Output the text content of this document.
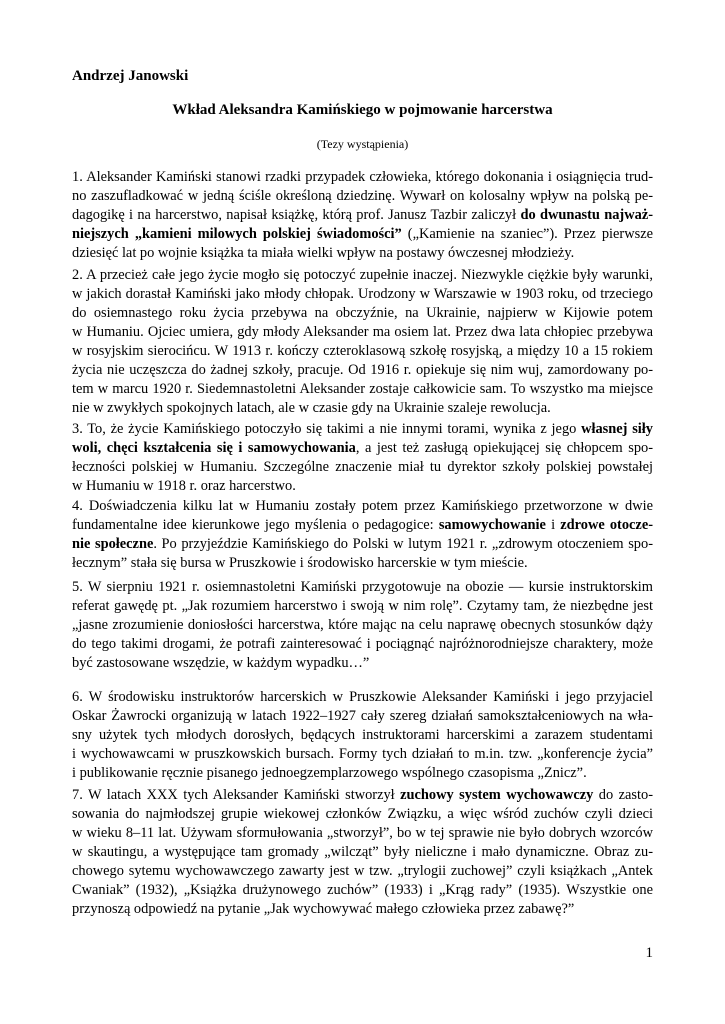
Andrzej Janowski

Wkład Aleksandra Kamińskiego w pojmowanie harcerstwa

(Tezy wystąpienia)

1. Aleksander Kamiński stanowi rzadki przypadek człowieka, którego dokonania i osiągnięcia trud-
no zaszufladkować w jedną ściśle określoną dziedzinę. Wywarł on kolosalny wpływ na polską pe-
dagogikę i na harcerstwo, napisał książkę, którą prof. Janusz Tazbir zaliczył do dwunastu najważ-
niejszych „kamieni milowych polskiej świadomości” („Kamienie na szaniec”). Przez pierwsze
dziesięć lat po wojnie książka ta miała wielki wpływ na postawy ówczesnej młodzieży.
2. A przecież całe jego życie mogło się potoczyć zupełnie inaczej. Niezwykle ciężkie były warunki,
w jakich dorastał Kamiński jako młody chłopak. Urodzony w Warszawie w 1903 roku, od trzeciego
do osiemnastego roku życia przebywa na obczyźnie, na Ukrainie, najpierw w Kijowie potem
w Humaniu. Ojciec umiera, gdy młody Aleksander ma osiem lat. Przez dwa lata chłopiec przebywa
w rosyjskim sierocińcu. W 1913 r. kończy czteroklasową szkołę rosyjską, a między 10 a 15 rokiem
życia nie uczęszcza do żadnej szkoły, pracuje. Od 1916 r. opiekuje się nim wuj, zamordowany po-
tem w marcu 1920 r. Siedemnastoletni Aleksander zostaje całkowicie sam. To wszystko ma miejsce
nie w zwykłych spokojnych latach, ale w czasie gdy na Ukrainie szaleje rewolucja.
3. To, że życie Kamińskiego potoczyło się takimi a nie innymi torami, wynika z jego własnej siły
woli, chęci kształcenia się i samowychowania, a jest też zasługą opiekującej się chłopcem spo-
łeczności polskiej w Humaniu. Szczególne znaczenie miał tu dyrektor szkoły polskiej powstałej
w Humaniu w 1918 r. oraz harcerstwo.
4. Doświadczenia kilku lat w Humaniu zostały potem przez Kamińskiego przetworzone w dwie
fundamentalne idee kierunkowe jego myślenia o pedagogice: samowychowanie i zdrowe otocze-
nie społeczne. Po przyjeździe Kamińskiego do Polski w lutym 1921 r. „zdrowym otoczeniem spo-
łecznym” stała się bursa w Pruszkowie i środowisko harcerskie w tym mieście.
5. W sierpniu 1921 r. osiemnastoletni Kamiński przygotowuje na obozie — kursie instruktorskim
referat gawędę pt. „Jak rozumiem harcerstwo i swoją w nim rolę”. Czytamy tam, że niezbędne jest
„jasne zrozumienie doniosłości harcerstwa, które mając na celu naprawę obecnych stosunków dąży
do tego takimi drogami, że potrafi zainteresować i pociągnąć najróżnorodniejsze charaktery, może
być zastosowane wszędzie, w każdym wypadku…”
6. W środowisku instruktorów harcerskich w Pruszkowie Aleksander Kamiński i jego przyjaciel
Oskar Żawrocki organizują w latach 1922–1927 cały szereg działań samokształceniowych na wła-
sny użytek tych młodych dorosłych, będących instruktorami harcerskimi a zarazem studentami
i wychowawcami w pruszkowskich bursach. Formy tych działań to m.in. tzw. „konferencje życia”
i publikowanie ręcznie pisanego jednoegzemplarzowego wspólnego czasopisma „Znicz”.
7. W latach XXX tych Aleksander Kamiński stworzył zuchowy system wychowawczy do zasto-
sowania do najmłodszej grupie wiekowej członków Związku, a więc wśród zuchów czyli dzieci
w wieku 8–11 lat. Używam sformułowania „stworzył”, bo w tej sprawie nie było dobrych wzorców
w skautingu, a występujące tam gromady „wilcząt” były nieliczne i mało dynamiczne. Obraz zu-
chowego sytemu wychowawczego zawarty jest w tzw. „trylogii zuchowej” czyli książkach „Antek
Cwaniak” (1932), „Książka drużynowego zuchów” (1933) i „Krąg rady” (1935). Wszystkie one
przynoszą odpowiedź na pytanie „Jak wychowywać małego człowieka przez zabawę?”

1
